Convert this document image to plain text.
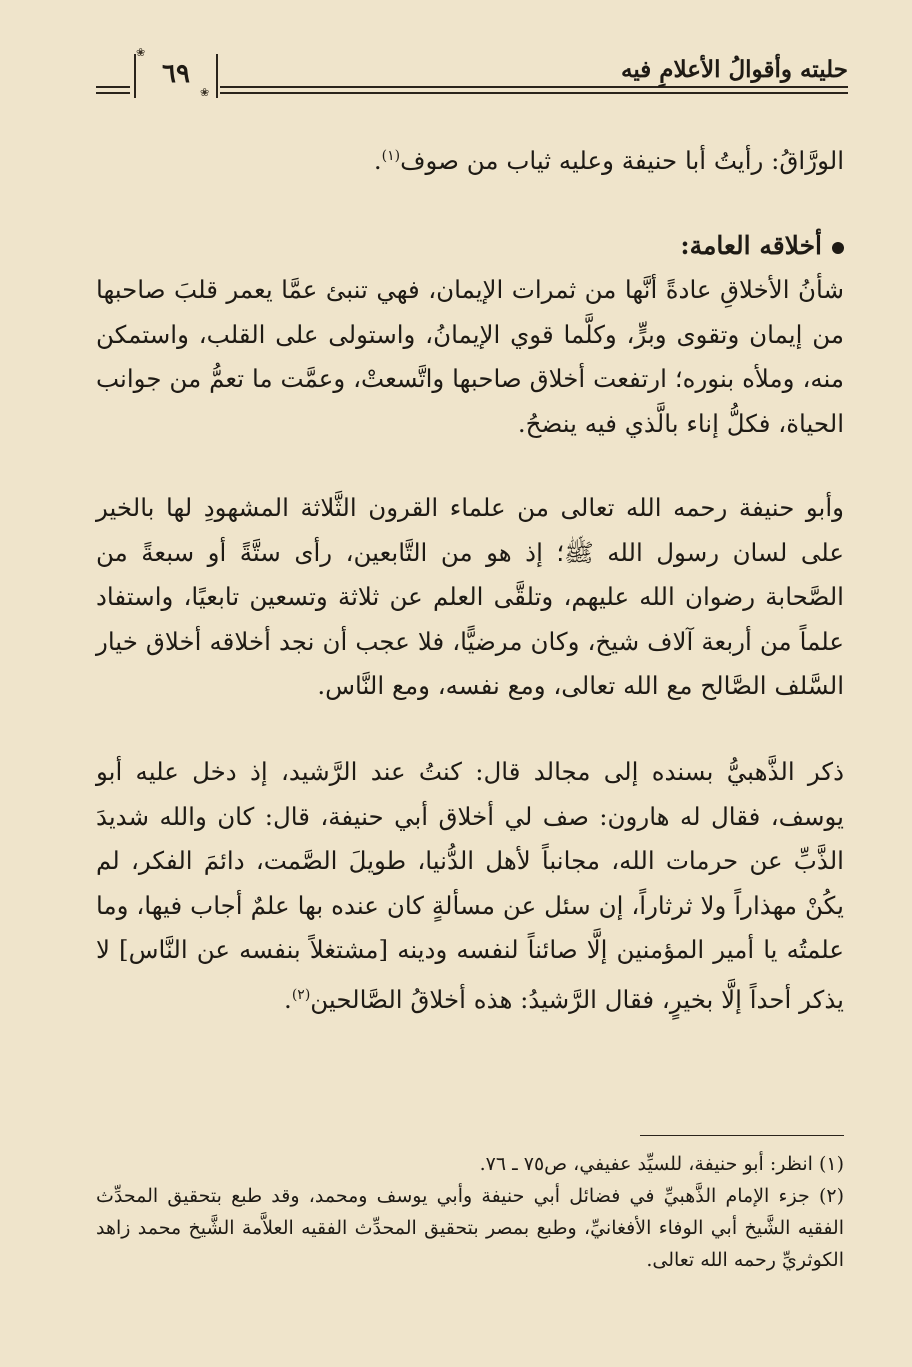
٦٩
❀
❀
حليته وأقوالُ الأعلامِ فيه

الورَّاقُ: رأيتُ أبا حنيفة وعليه ثياب من صوف$^{(١)}$.

أخلاقه العامة:

شأنُ الأخلاقِ عادةً أنَّها من ثمرات الإيمان، فهي تنبئ عمَّا يعمر قلبَ صاحبها من إيمان وتقوى وبرٍّ، وكلَّما قوي الإيمانُ، واستولى على القلب، واستمكن منه، وملأه بنوره؛ ارتفعت أخلاق صاحبها واتَّسعتْ، وعمَّت ما تعمُّ من جوانب الحياة، فكلُّ إناء بالَّذي فيه ينضحُ.

وأبو حنيفة رحمه الله تعالى من علماء القرون الثَّلاثة المشهودِ لها بالخير على لسان رسول الله ﷺ؛ إذ هو من التَّابعين، رأى ستَّةً أو سبعةً من الصَّحابة رضوان الله عليهم، وتلقَّى العلم عن ثلاثة وتسعين تابعيًا، واستفاد علماً من أربعة آلاف شيخ، وكان مرضيًّا، فلا عجب أن نجد أخلاقه أخلاق خيار السَّلف الصَّالح مع الله تعالى، ومع نفسه، ومع النَّاس.

ذكر الذَّهبيُّ بسنده إلى مجالد قال: كنتُ عند الرَّشيد، إذ دخل عليه أبو يوسف، فقال له هارون: صف لي أخلاق أبي حنيفة، قال: كان والله شديدَ الذَّبِّ عن حرمات الله، مجانباً لأهل الدُّنيا، طويلَ الصَّمت، دائمَ الفكر، لم يكُنْ مهذاراً ولا ثرثاراً، إن سئل عن مسألةٍ كان عنده بها علمٌ أجاب فيها، وما علمتُه يا أمير المؤمنين إلَّا صائناً لنفسه ودينه [مشتغلاً بنفسه عن النَّاس] لا يذكر أحداً إلَّا بخيرٍ، فقال الرَّشيدُ: هذه أخلاقُ الصَّالحين$^{(٢)}$.

(١) انظر: أبو حنيفة، للسيِّد عفيفي، ص٧٥ ـ ٧٦.

(٢) جزء الإمام الذَّهبيِّ في فضائل أبي حنيفة وأبي يوسف ومحمد، وقد طبع بتحقيق المحدِّث الفقيه الشَّيخ أبي الوفاء الأفغانيِّ، وطبع بمصر بتحقيق المحدِّث الفقيه العلاَّمة الشَّيخ محمد زاهد الكوثريِّ رحمه الله تعالى.
